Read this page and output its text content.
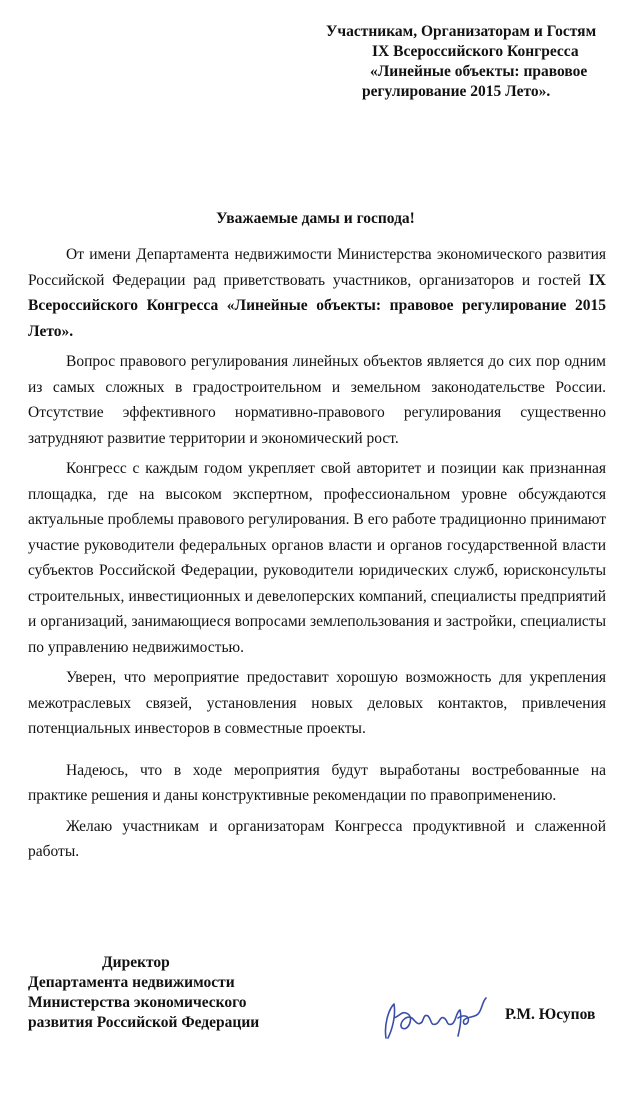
Участникам, Организаторам и Гостям
IX Всероссийского Конгресса
«Линейные объекты: правовое
регулирование 2015 Лето».
Уважаемые дамы и господа!

От имени Департамента недвижимости Министерства экономического развития Российской Федерации рад приветствовать участников, организаторов и гостей IX Всероссийского Конгресса «Линейные объекты: правовое регулирование 2015 Лето».

Вопрос правового регулирования линейных объектов является до сих пор одним из самых сложных в градостроительном и земельном законодательстве России. Отсутствие эффективного нормативно-правового регулирования существенно затрудняют развитие территории и экономический рост.

Конгресс с каждым годом укрепляет свой авторитет и позиции как признанная площадка, где на высоком экспертном, профессиональном уровне обсуждаются актуальные проблемы правового регулирования. В его работе традиционно принимают участие руководители федеральных органов власти и органов государственной власти субъектов Российской Федерации, руководители юридических служб, юрисконсульты строительных, инвестиционных и девелоперских компаний, специалисты предприятий и организаций, занимающиеся вопросами землепользования и застройки, специалисты по управлению недвижимостью.

Уверен, что мероприятие предоставит хорошую возможность для укрепления межотраслевых связей, установления новых деловых контактов, привлечения потенциальных инвесторов в совместные проекты.

Надеюсь, что в ходе мероприятия будут выработаны востребованные на практике решения и даны конструктивные рекомендации по правоприменению.

Желаю участникам и организаторам Конгресса продуктивной и слаженной работы.

Директор
Департамента недвижимости
Министерства экономического
развития Российской Федерации	Р.М. Юсупов
